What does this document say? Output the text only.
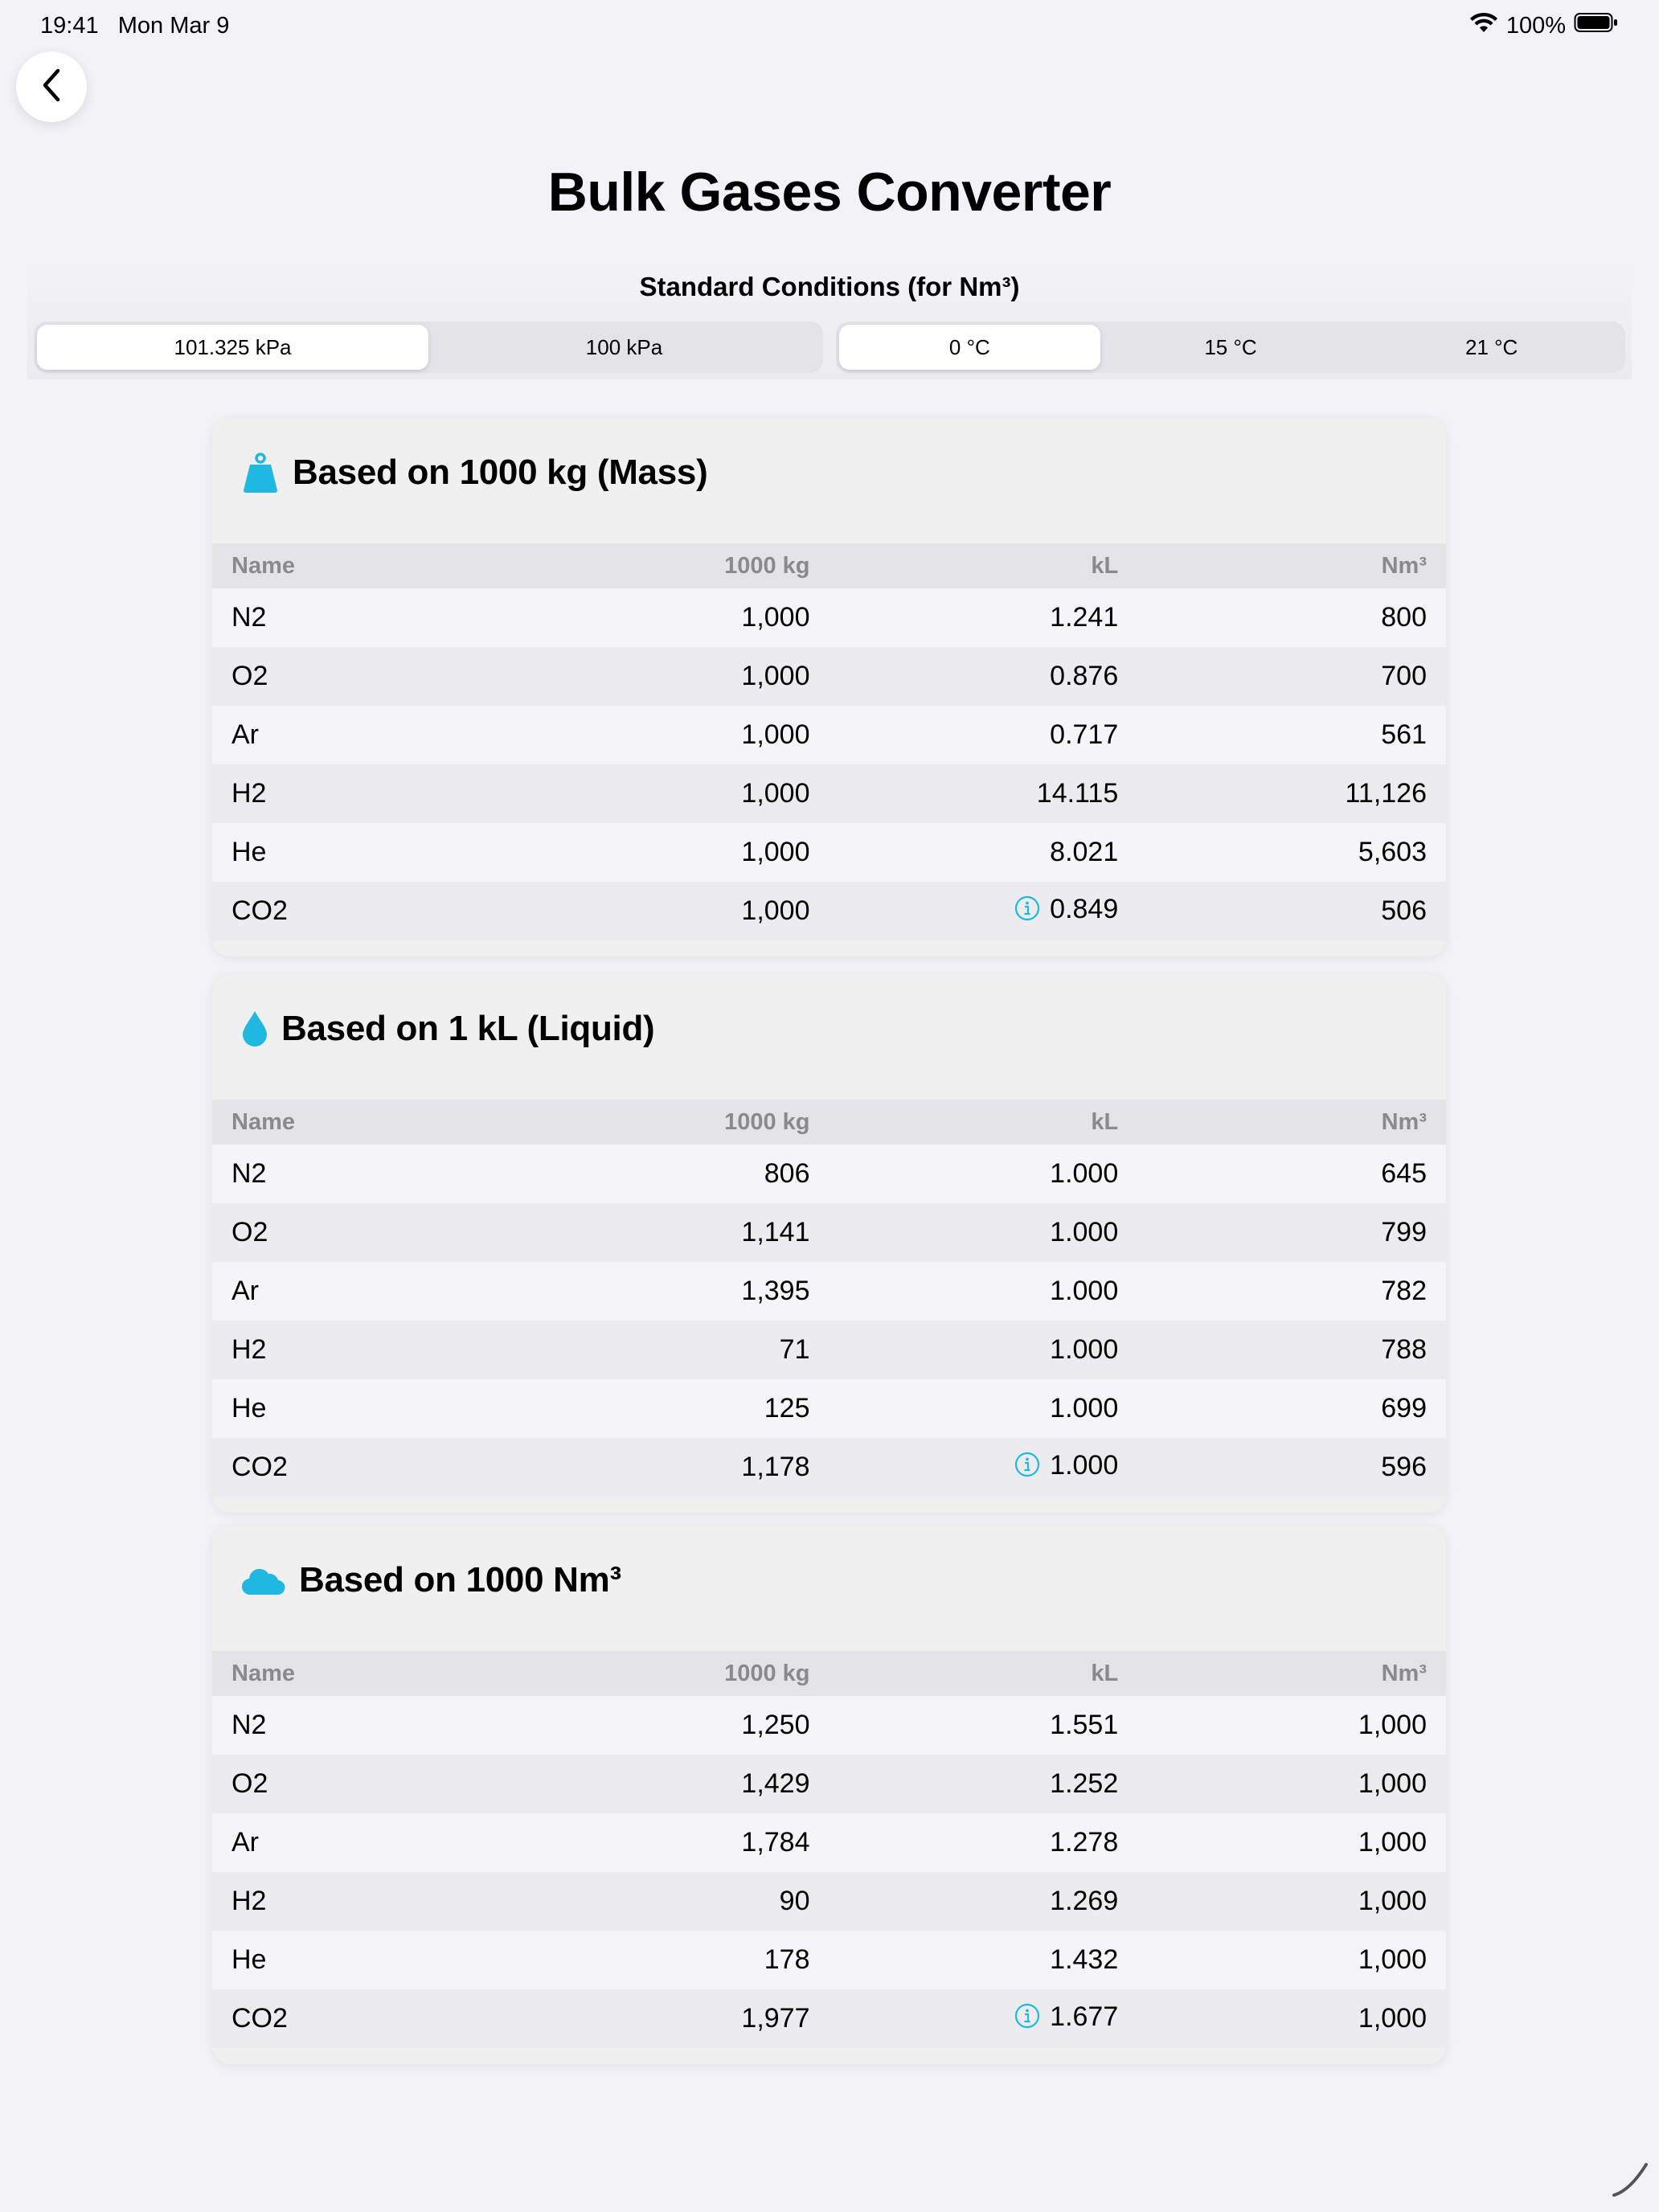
19:41 Mon Mar 9	100%
Bulk Gases Converter
Standard Conditions (for Nm³)
101.325 kPa	100 kPa	0 °C	15 °C	21 °C
Based on 1000 kg (Mass)
Name	1000 kg	kL	Nm³
N2	1,000	1.241	800
O2	1,000	0.876	700
Ar	1,000	0.717	561
H2	1,000	14.115	11,126
He	1,000	8.021	5,603
CO2	1,000	0.849	506
Based on 1 kL (Liquid)
Name	1000 kg	kL	Nm³
N2	806	1.000	645
O2	1,141	1.000	799
Ar	1,395	1.000	782
H2	71	1.000	788
He	125	1.000	699
CO2	1,178	1.000	596
Based on 1000 Nm³
Name	1000 kg	kL	Nm³
N2	1,250	1.551	1,000
O2	1,429	1.252	1,000
Ar	1,784	1.278	1,000
H2	90	1.269	1,000
He	178	1.432	1,000
CO2	1,977	1.677	1,000
